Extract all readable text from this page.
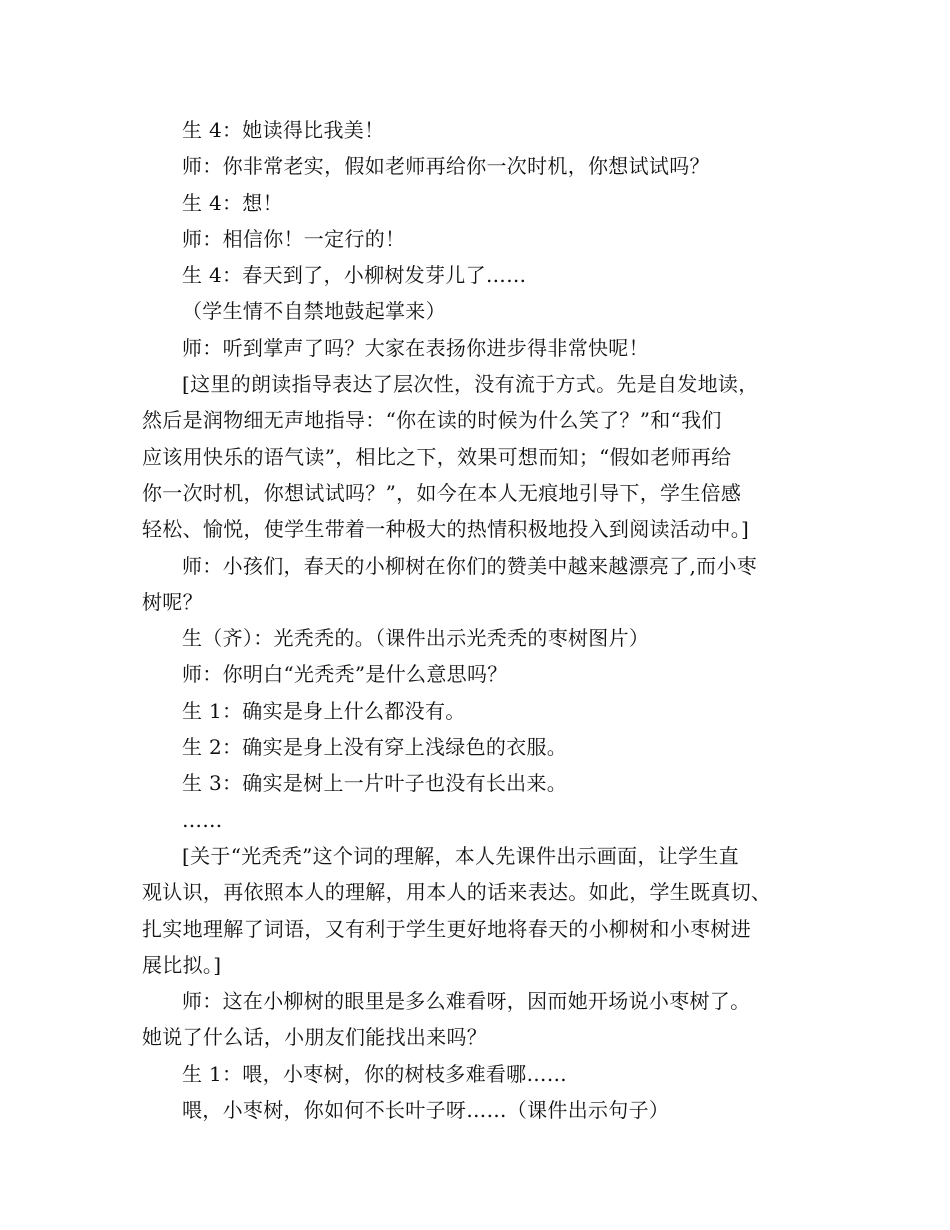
生 4：她读得比我美！

师：你非常老实，假如老师再给你一次时机，你想试试吗？

生 4：想！

师：相信你！一定行的！

生 4：春天到了，小柳树发芽儿了……

（学生情不自禁地鼓起掌来）

师：听到掌声了吗？大家在表扬你进步得非常快呢！

[这里的朗读指导表达了层次性，没有流于方式。先是自发地读，
然后是润物细无声地指导：“你在读的时候为什么笑了？”和“我们
应该用快乐的语气读”，相比之下，效果可想而知；“假如老师再给
你一次时机，你想试试吗？”，如今在本人无痕地引导下，学生倍感
轻松、愉悦，使学生带着一种极大的热情积极地投入到阅读活动中。]

师：小孩们，春天的小柳树在你们的赞美中越来越漂亮了,而小枣
树呢？

生（齐）：光秃秃的。（课件出示光秃秃的枣树图片）

师：你明白“光秃秃”是什么意思吗？

生 1：确实是身上什么都没有。

生 2：确实是身上没有穿上浅绿色的衣服。

生 3：确实是树上一片叶子也没有长出来。

……

[关于“光秃秃”这个词的理解，本人先课件出示画面，让学生直
观认识，再依照本人的理解，用本人的话来表达。如此，学生既真切、
扎实地理解了词语，又有利于学生更好地将春天的小柳树和小枣树进
展比拟。]

师：这在小柳树的眼里是多么难看呀，因而她开场说小枣树了。
她说了什么话，小朋友们能找出来吗？

生 1：喂，小枣树，你的树枝多难看哪……

喂，小枣树，你如何不长叶子呀……（课件出示句子）
